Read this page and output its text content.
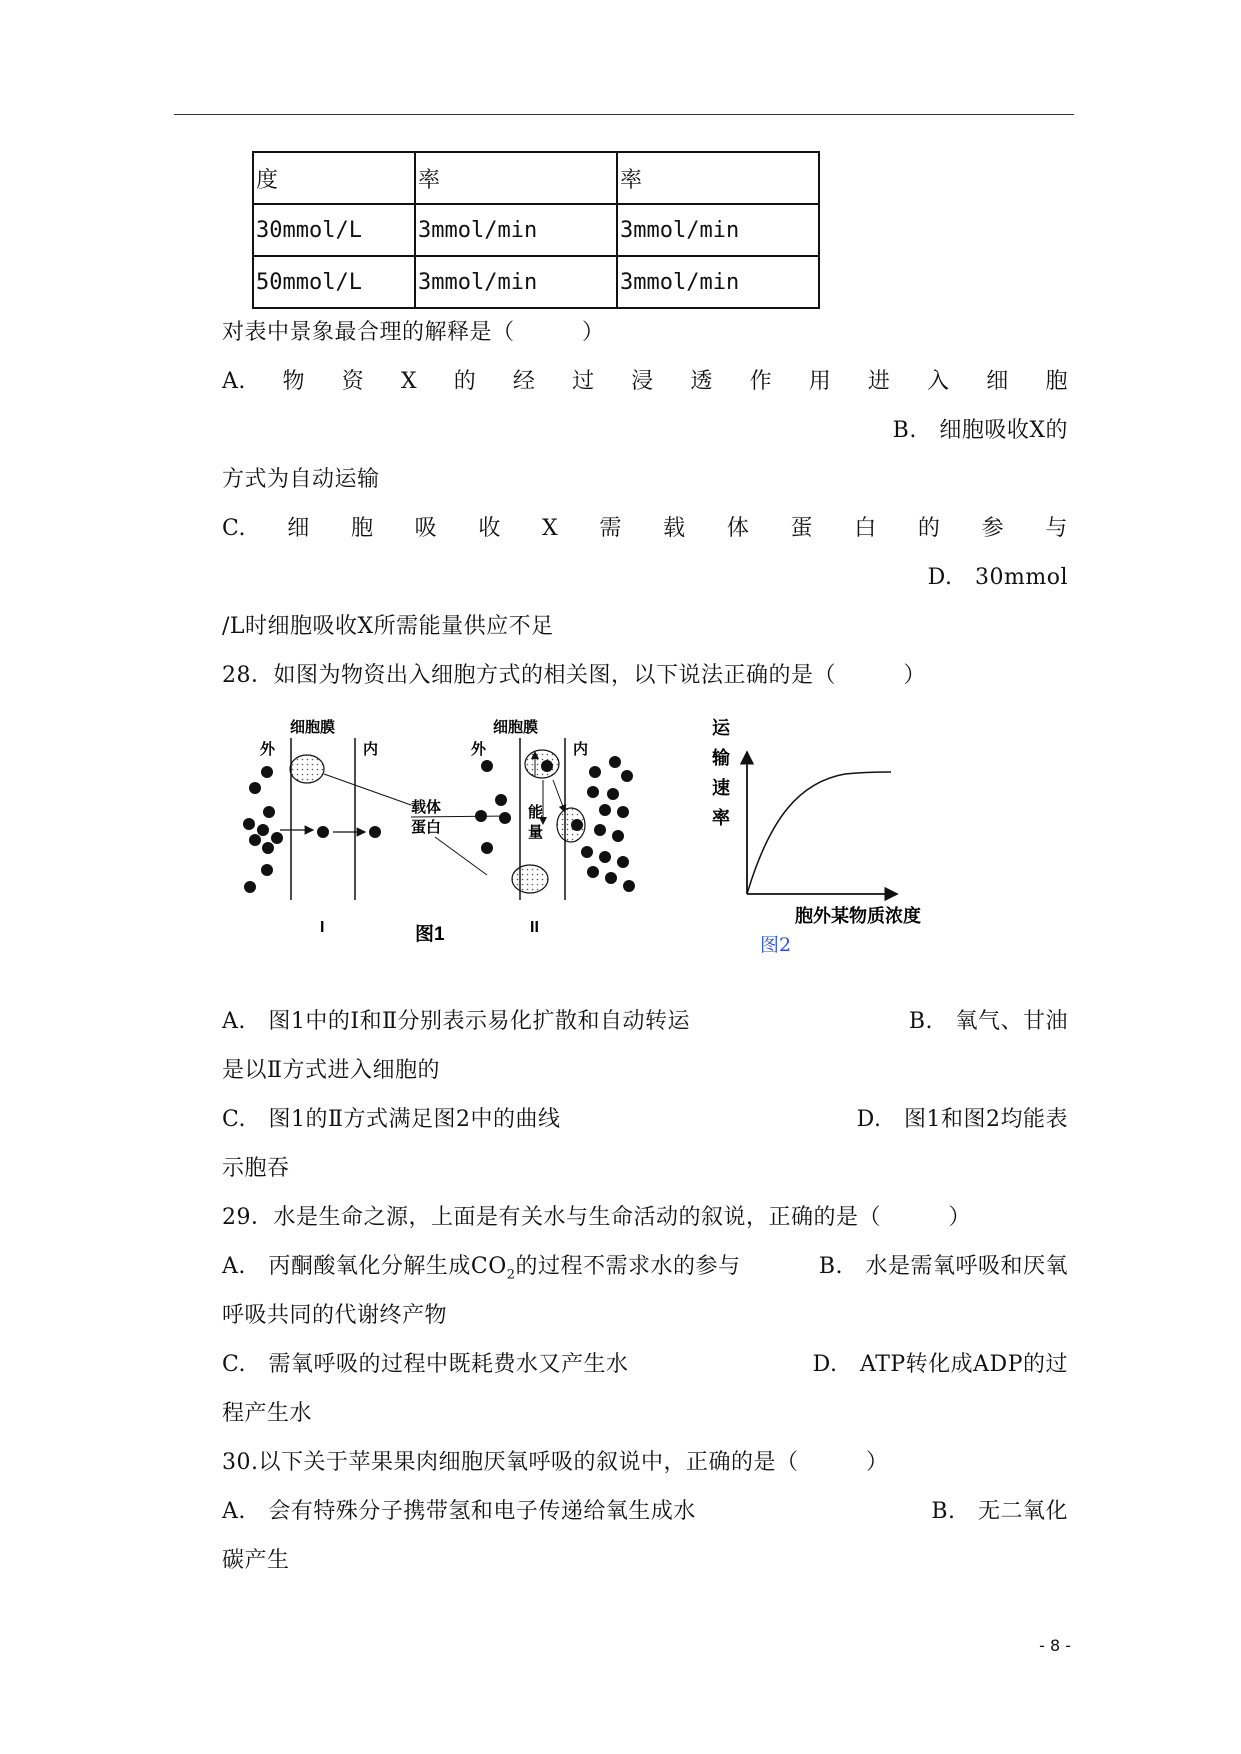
度	率	率
30mmol/L	3mmol/min	3mmol/min
50mmol/L	3mmol/min	3mmol/min
对表中景象最合理的解释是（　　　）
A. 物 资 X 的 经 过 浸 透 作 用 进 入 细 胞
B.　细胞吸收X的
方式为自动运输
C. 细 胞 吸 收 X 需 载 体 蛋 白 的 参 与
D.　30mmol
/L时细胞吸收X所需能量供应不足
28．如图为物资出入细胞方式的相关图，以下说法正确的是（　　　）
细胞膜
外	内
I
载体
蛋白
细胞膜
外	内
能
量
II
图1
运
输
速
率
胞外某物质浓度
图2
A.　图1中的Ⅰ和Ⅱ分别表示易化扩散和自动转运	B.　氧气、甘油
是以Ⅱ方式进入细胞的
C.　图1的Ⅱ方式满足图2中的曲线	D.　图1和图2均能表
示胞吞
29．水是生命之源，上面是有关水与生命活动的叙说，正确的是（　　　）
A.　丙酮酸氧化分解生成$CO_2$的过程不需求水的参与	B.　水是需氧呼吸和厌氧
呼吸共同的代谢终产物
C.　需氧呼吸的过程中既耗费水又产生水	D.　ATP转化成ADP的过
程产生水
30.以下关于苹果果肉细胞厌氧呼吸的叙说中，正确的是（　　　）
A.　会有特殊分子携带氢和电子传递给氧生成水	B.　无二氧化
碳产生
- 8 -
